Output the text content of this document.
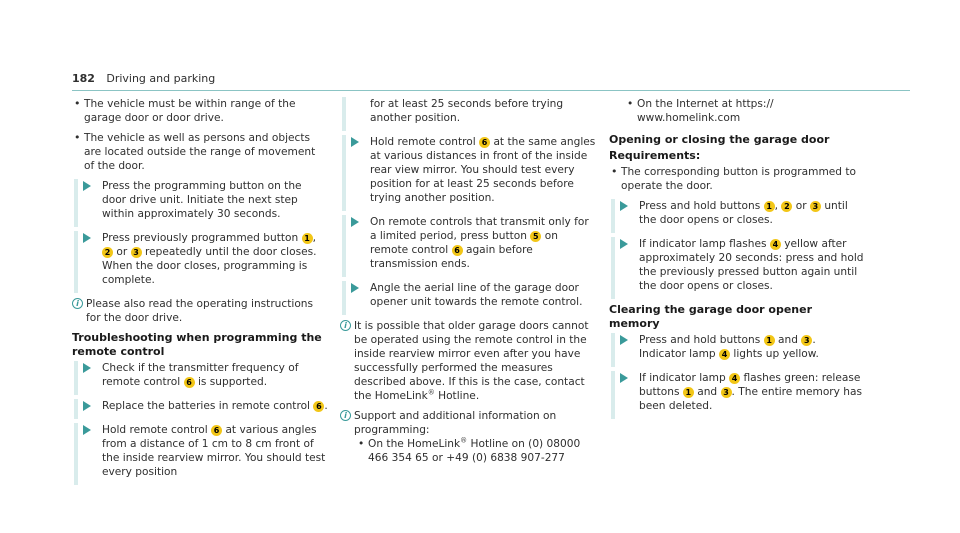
182 Driving and parking
• The vehicle must be within range of the garage door or door drive.
• The vehicle as well as persons and objects are located outside the range of movement of the door.
Press the programming button on the door drive unit. Initiate the next step within approximately 30 seconds.
Press previously programmed button 1 , 2 or 3 repeatedly until the door closes. When the door closes, programming is complete.
i Please also read the operating instructions for the door drive.
Troubleshooting when programming the remote control
Check if the transmitter frequency of remote control 6 is supported.
Replace the batteries in remote control 6 .
Hold remote control 6 at various angles from a distance of 1 cm to 8 cm front of the inside rearview mirror. You should test every position
for at least 25 seconds before trying another position.
Hold remote control 6 at the same angles at various distances in front of the inside rear view mirror. You should test every position for at least 25 seconds before trying another position.
On remote controls that transmit only for a limited period, press button 5 on remote control 6 again before transmission ends.
Angle the aerial line of the garage door opener unit towards the remote control.
i It is possible that older garage doors cannot be operated using the remote control in the inside rearview mirror even after you have successfully performed the measures described above. If this is the case, contact the HomeLink® Hotline.
i Support and additional information on programming:
• On the HomeLink® Hotline on (0) 08000 466 354 65 or +49 (0) 6838 907-277
• On the Internet at https:// www.homelink.com
Opening or closing the garage door
Requirements:
• The corresponding button is programmed to operate the door.
Press and hold buttons 1 , 2 or 3 until the door opens or closes.
If indicator lamp flashes 4 yellow after approximately 20 seconds: press and hold the previously pressed button again until the door opens or closes.
Clearing the garage door opener memory
Press and hold buttons 1 and 3 . Indicator lamp 4 lights up yellow.
If indicator lamp 4 flashes green: release buttons 1 and 3 . The entire memory has been deleted.
